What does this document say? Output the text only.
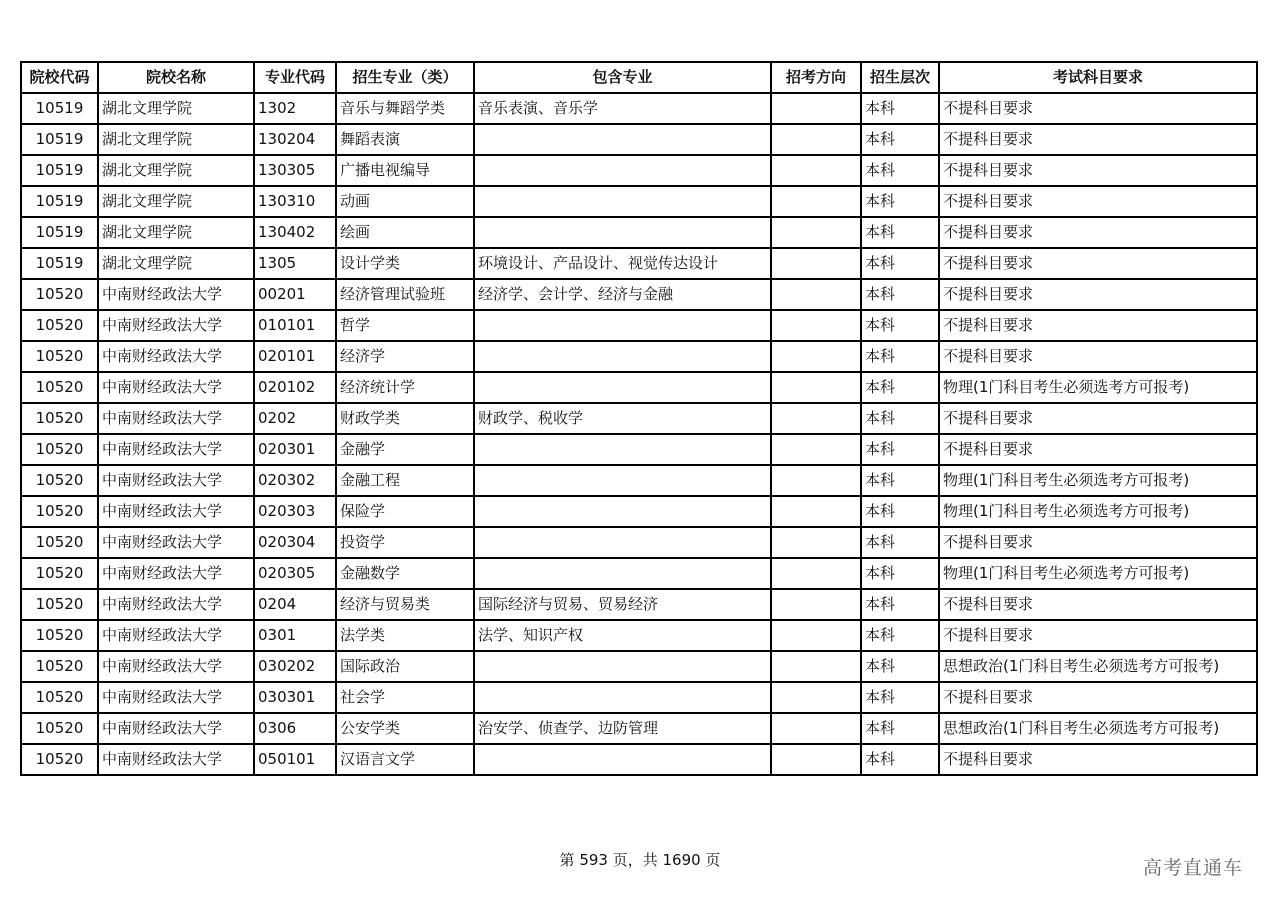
院校代码	院校名称	专业代码	招生专业（类）	包含专业	招考方向	招生层次	考试科目要求
10519	湖北文理学院	1302	音乐与舞蹈学类	音乐表演、音乐学		本科	不提科目要求
10519	湖北文理学院	130204	舞蹈表演			本科	不提科目要求
10519	湖北文理学院	130305	广播电视编导			本科	不提科目要求
10519	湖北文理学院	130310	动画			本科	不提科目要求
10519	湖北文理学院	130402	绘画			本科	不提科目要求
10519	湖北文理学院	1305	设计学类	环境设计、产品设计、视觉传达设计		本科	不提科目要求
10520	中南财经政法大学	00201	经济管理试验班	经济学、会计学、经济与金融		本科	不提科目要求
10520	中南财经政法大学	010101	哲学			本科	不提科目要求
10520	中南财经政法大学	020101	经济学			本科	不提科目要求
10520	中南财经政法大学	020102	经济统计学			本科	物理(1门科目考生必须选考方可报考)
10520	中南财经政法大学	0202	财政学类	财政学、税收学		本科	不提科目要求
10520	中南财经政法大学	020301	金融学			本科	不提科目要求
10520	中南财经政法大学	020302	金融工程			本科	物理(1门科目考生必须选考方可报考)
10520	中南财经政法大学	020303	保险学			本科	物理(1门科目考生必须选考方可报考)
10520	中南财经政法大学	020304	投资学			本科	不提科目要求
10520	中南财经政法大学	020305	金融数学			本科	物理(1门科目考生必须选考方可报考)
10520	中南财经政法大学	0204	经济与贸易类	国际经济与贸易、贸易经济		本科	不提科目要求
10520	中南财经政法大学	0301	法学类	法学、知识产权		本科	不提科目要求
10520	中南财经政法大学	030202	国际政治			本科	思想政治(1门科目考生必须选考方可报考)
10520	中南财经政法大学	030301	社会学			本科	不提科目要求
10520	中南财经政法大学	0306	公安学类	治安学、侦查学、边防管理		本科	思想政治(1门科目考生必须选考方可报考)
10520	中南财经政法大学	050101	汉语言文学			本科	不提科目要求
第 593 页，共 1690 页	高考直通车
